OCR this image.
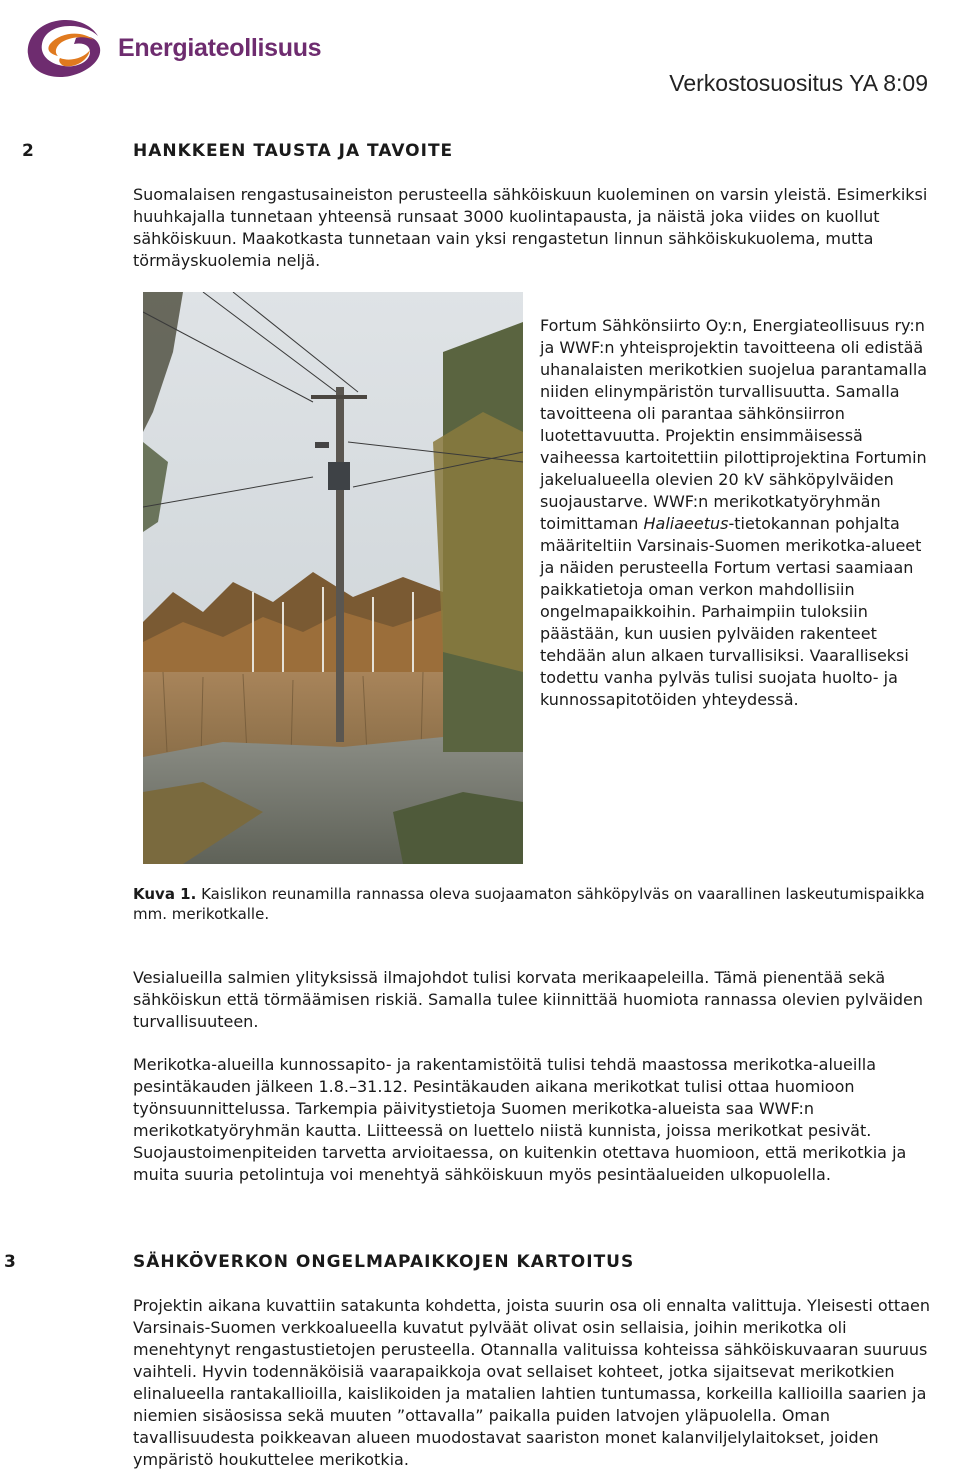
Energiateollisuus
Verkostosuositus YA 8:09
2	HANKKEEN TAUSTA JA TAVOITE

Suomalaisen rengastusaineiston perusteella sähköiskuun kuoleminen on varsin yleistä. Esimerkiksi huuhkajalla tunnetaan yhteensä runsaat 3000 kuolintapausta, ja näistä joka viides on kuollut sähköiskuun. Maakotkasta tunnetaan vain yksi rengastetun linnun sähköiskukuolema, mutta törmäyskuolemia neljä.

Fortum Sähkönsiirto Oy:n, Energiateollisuus ry:n ja WWF:n yhteisprojektin tavoitteena oli edistää uhanalaisten merikotkien suojelua parantamalla niiden elinympäristön turvallisuutta. Samalla tavoitteena oli parantaa sähkönsiirron luotettavuutta. Projektin ensimmäisessä vaiheessa kartoitettiin pilottiprojektina Fortumin jakelualueella olevien 20 kV sähköpylväiden suojaustarve. WWF:n merikotkatyöryhmän toimittaman Haliaeetus-tietokannan pohjalta määriteltiin Varsinais-Suomen merikotka-alueet ja näiden perusteella Fortum vertasi saamiaan paikkatietoja oman verkon mahdollisiin ongelmapaikkoihin. Parhaimpiin tuloksiin päästään, kun uusien pylväiden rakenteet tehdään alun alkaen turvallisiksi. Vaaralliseksi todettu vanha pylväs tulisi suojata huolto- ja kunnossapitotöiden yhteydessä.

Kuva 1. Kaislikon reunamilla rannassa oleva suojaamaton sähköpylväs on vaarallinen laskeutumispaikka mm. merikotkalle.

Vesialueilla salmien ylityksissä ilmajohdot tulisi korvata merikaapeleilla. Tämä pienentää sekä sähköiskun että törmäämisen riskiä. Samalla tulee kiinnittää huomiota rannassa olevien pylväiden turvallisuuteen.

Merikotka-alueilla kunnossapito- ja rakentamistöitä tulisi tehdä maastossa merikotka-alueilla pesintäkauden jälkeen 1.8.–31.12. Pesintäkauden aikana merikotkat tulisi ottaa huomioon työnsuunnittelussa. Tarkempia päivitystietoja Suomen merikotka-alueista saa WWF:n merikotkatyöryhmän kautta. Liitteessä on luettelo niistä kunnista, joissa merikotkat pesivät. Suojaustoimenpiteiden tarvetta arvioitaessa, on kuitenkin otettava huomioon, että merikotkia ja muita suuria petolintuja voi menehtyä sähköiskuun myös pesintäalueiden ulkopuolella.

3	SÄHKÖVERKON ONGELMAPAIKKOJEN KARTOITUS

Projektin aikana kuvattiin satakunta kohdetta, joista suurin osa oli ennalta valittuja. Yleisesti ottaen Varsinais-Suomen verkkoalueella kuvatut pylväät olivat osin sellaisia, joihin merikotka oli menehtynyt rengastustietojen perusteella. Otannalla valituissa kohteissa sähköiskuvaaran suuruus vaihteli. Hyvin todennäköisiä vaarapaikkoja ovat sellaiset kohteet, jotka sijaitsevat merikotkien elinalueella rantakallioilla, kaislikoiden ja matalien lahtien tuntumassa, korkeilla kallioilla saarien ja niemien sisäosissa sekä muuten ”ottavalla” paikalla puiden latvojen yläpuolella. Oman tavallisuudesta poikkeavan alueen muodostavat saariston monet kalanviljelylaitokset, joiden ympäristö houkuttelee merikotkia.
